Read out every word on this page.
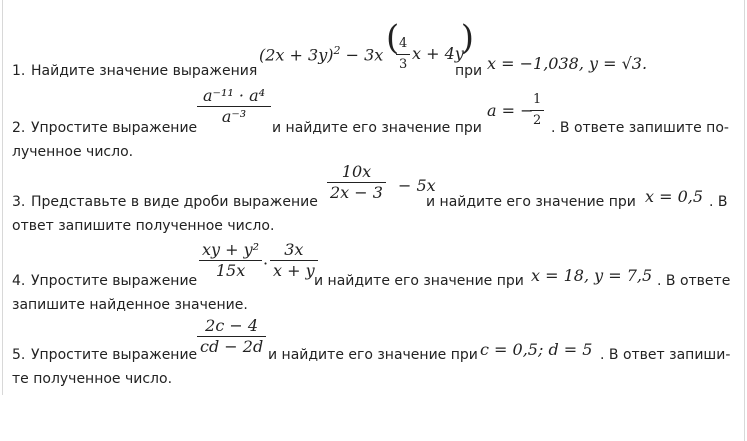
1. Найдите значение выражения
$(2x + 3y)^2 - 3x$ (
$\frac{4}{3}$ x + 4y
)
при x = −1,038, y = √3.
$\frac{\text{a⁻¹¹ · a⁴}}{\text{a⁻³}}$
2. Упростите выражение	и найдите его значение при
a = −
$\frac{1}{2}$ . В ответе запишите по-
лученное число.
3. Представьте в виде дроби выражение $\frac{10x}{2x - 3} - 5x$
и найдите его значение при x = 0,5 . В
ответ запишите полученное число.
4. Упростите выражение $\frac{\text{xy + y²}}{15x} \cdot \frac{3x}{x + y}$
и найдите его значение при x = 18, y = 7,5 . В ответе
запишите найденное значение.
5. Упростите выражение $\frac{2c - 4}{cd - 2d}$ и найдите его значение при c = 0,5; d = 5 . В ответ запиши-
те полученное число.
